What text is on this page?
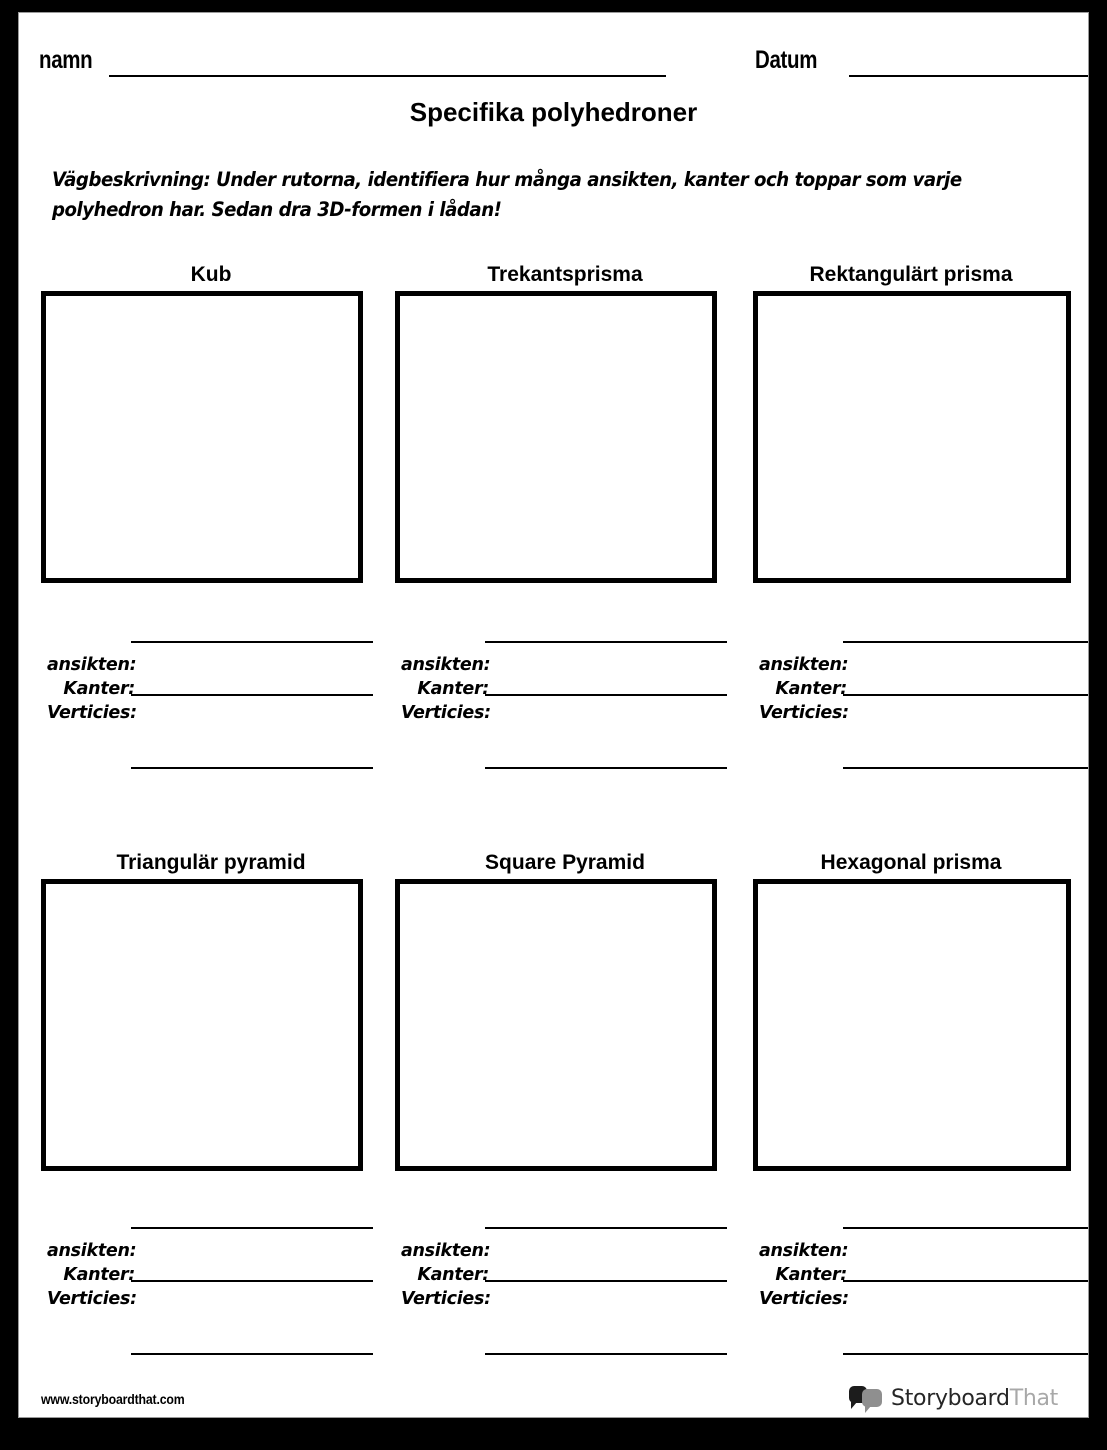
namn	Datum
Specifika polyhedroner
Vägbeskrivning: Under rutorna, identifiera hur många ansikten, kanter och toppar som varje polyhedron har. Sedan dra 3D-formen i lådan!
Kub
ansikten:
Kanter:
Verticies:
Trekantsprisma
ansikten:
Kanter:
Verticies:
Rektangulärt prisma
ansikten:
Kanter:
Verticies:
Triangulär pyramid
ansikten:
Kanter:
Verticies:
Square Pyramid
ansikten:
Kanter:
Verticies:
Hexagonal prisma
ansikten:
Kanter:
Verticies:
www.storyboardthat.com	StoryboardThat
